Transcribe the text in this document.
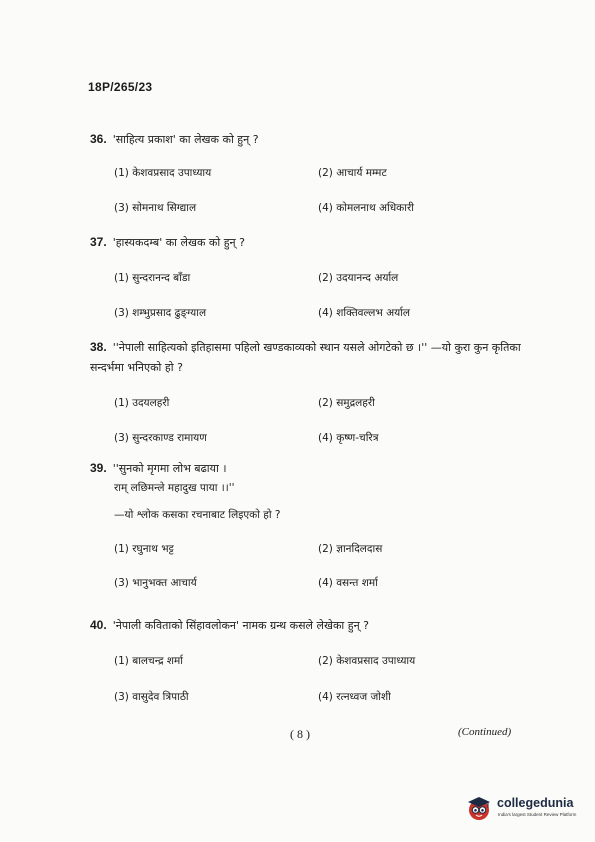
18P/265/23
36. 'साहित्य प्रकाश' का लेखक को हुन् ?
(1) केशवप्रसाद उपाध्याय	(2) आचार्य मम्मट
(3) सोमनाथ सिग्द्याल	(4) कोमलनाथ अधिकारी
37. 'हास्यकदम्ब' का लेखक को हुन् ?
(1) सुन्दरानन्द बाँडा	(2) उदयानन्द अर्याल
(3) शम्भुप्रसाद ढुङ्ग्याल	(4) शक्तिवल्लभ अर्याल
38. ''नेपाली साहित्यको इतिहासमा पहिलो खण्डकाव्यको स्थान यसले ओगटेको छ ।'' —यो कुरा कुन कृतिका सन्दर्भमा भनिएको हो ?
(1) उदयलहरी	(2) समुद्रलहरी
(3) सुन्दरकाण्ड रामायण	(4) कृष्ण-चरित्र
39. ''सुनको मृगमा लोभ बढाया ।
राम् लछिमन्ले महादुख पाया ।।''
—यो श्लोक कसका रचनाबाट लिइएको हो ?
(1) रघुनाथ भट्ट	(2) ज्ञानदिलदास
(3) भानुभक्त आचार्य	(4) वसन्त शर्मा
40. 'नेपाली कविताको सिंहावलोकन' नामक ग्रन्थ कसले लेखेका हुन् ?
(1) बालचन्द्र शर्मा	(2) केशवप्रसाद उपाध्याय
(3) वासुदेव त्रिपाठी	(4) रत्नध्वज जोशी
( 8 )	(Continued)
collegedunia
India's largest Student Review Platform
